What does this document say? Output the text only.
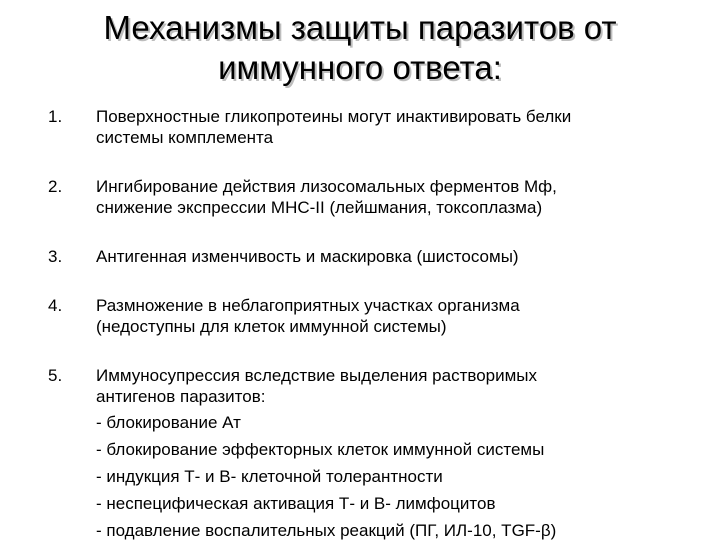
Механизмы защиты паразитов от
иммунного ответа:
1. Поверхностные гликопротеины могут инактивировать белки
системы комплемента
2. Ингибирование действия лизосомальных ферментов Мф,
снижение экспрессии МНС-II (лейшмания, токсоплазма)
3. Антигенная изменчивость и маскировка (шистосомы)
4. Размножение в неблагоприятных участках организма
(недоступны для клеток иммунной системы)
5. Иммуносупрессия вследствие выделения растворимых
антигенов паразитов:
- блокирование Ат
- блокирование эффекторных клеток иммунной системы
- индукция Т- и В- клеточной толерантности
- неспецифическая активация Т- и В- лимфоцитов
- подавление воспалительных реакций (ПГ, ИЛ-10, TGF-β)
